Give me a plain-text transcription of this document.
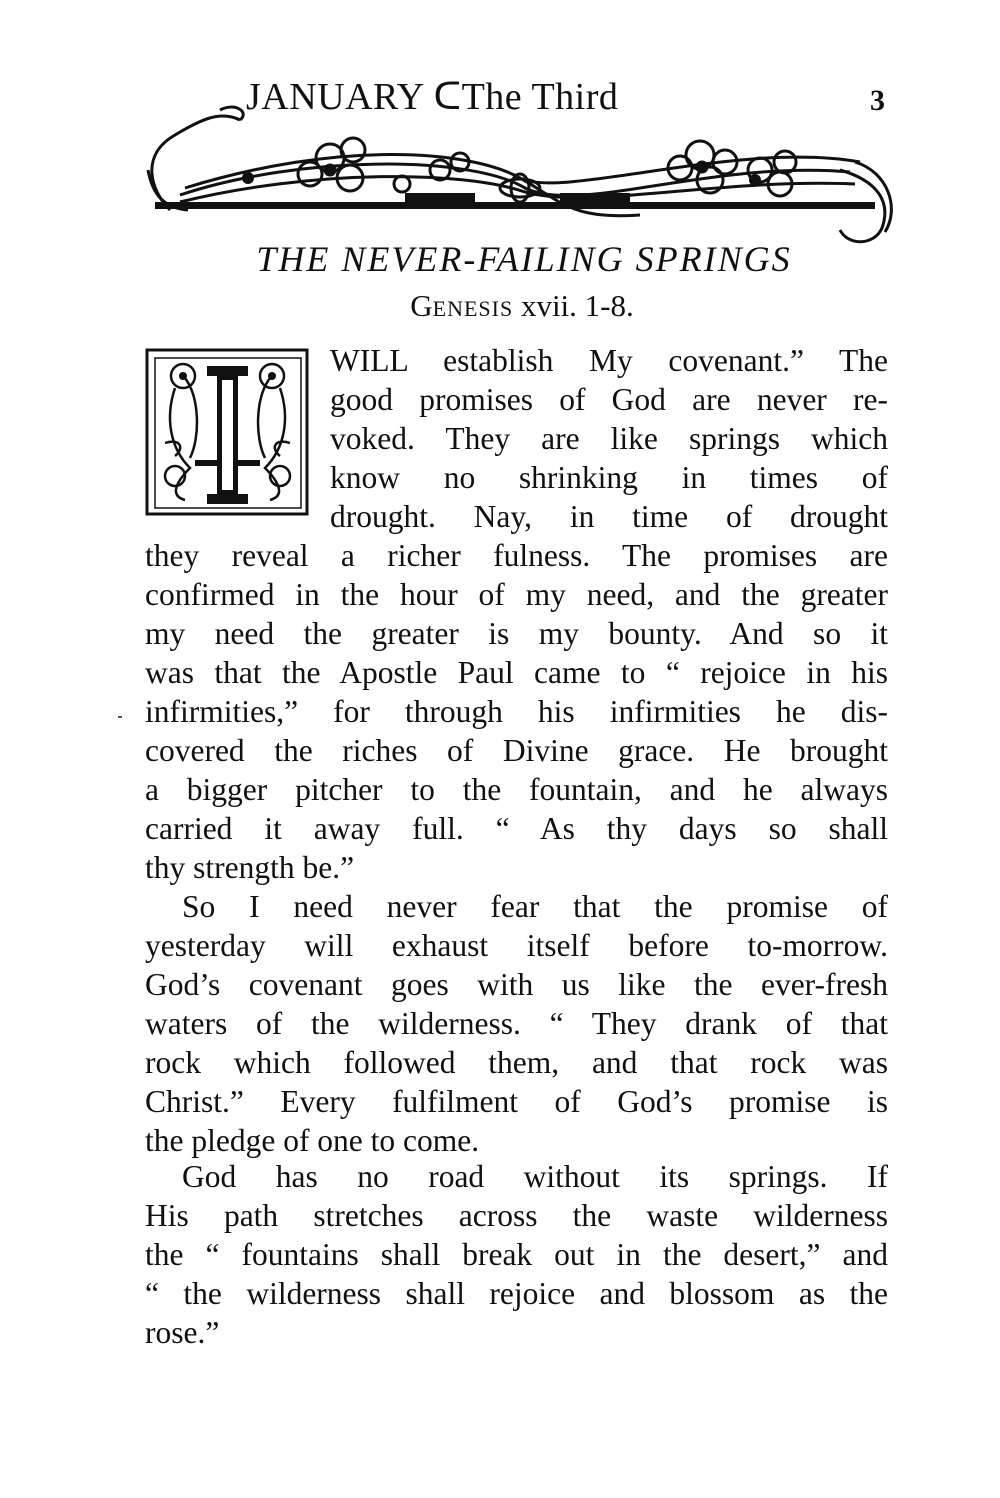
JANUARY ᑕThe Third	3
THE NEVER-FAILING SPRINGS
GENESIS xvii. 1-8.
WILL establish My covenant.” The
good promises of God are never re-
voked. They are like springs which
know no shrinking in times of
drought. Nay, in time of drought
they reveal a richer fulness. The promises are
confirmed in the hour of my need, and the greater
my need the greater is my bounty. And so it
was that the Apostle Paul came to “ rejoice in his
infirmities,” for through his infirmities he dis-
covered the riches of Divine grace. He brought
a bigger pitcher to the fountain, and he always
carried it away full. “ As thy days so shall
thy strength be.”
So I need never fear that the promise of
yesterday will exhaust itself before to-morrow.
God’s covenant goes with us like the ever-fresh
waters of the wilderness. “ They drank of that
rock which followed them, and that rock was
Christ.” Every fulfilment of God’s promise is
the pledge of one to come.
God has no road without its springs. If
His path stretches across the waste wilderness
the “ fountains shall break out in the desert,” and
“ the wilderness shall rejoice and blossom as the
rose.”
